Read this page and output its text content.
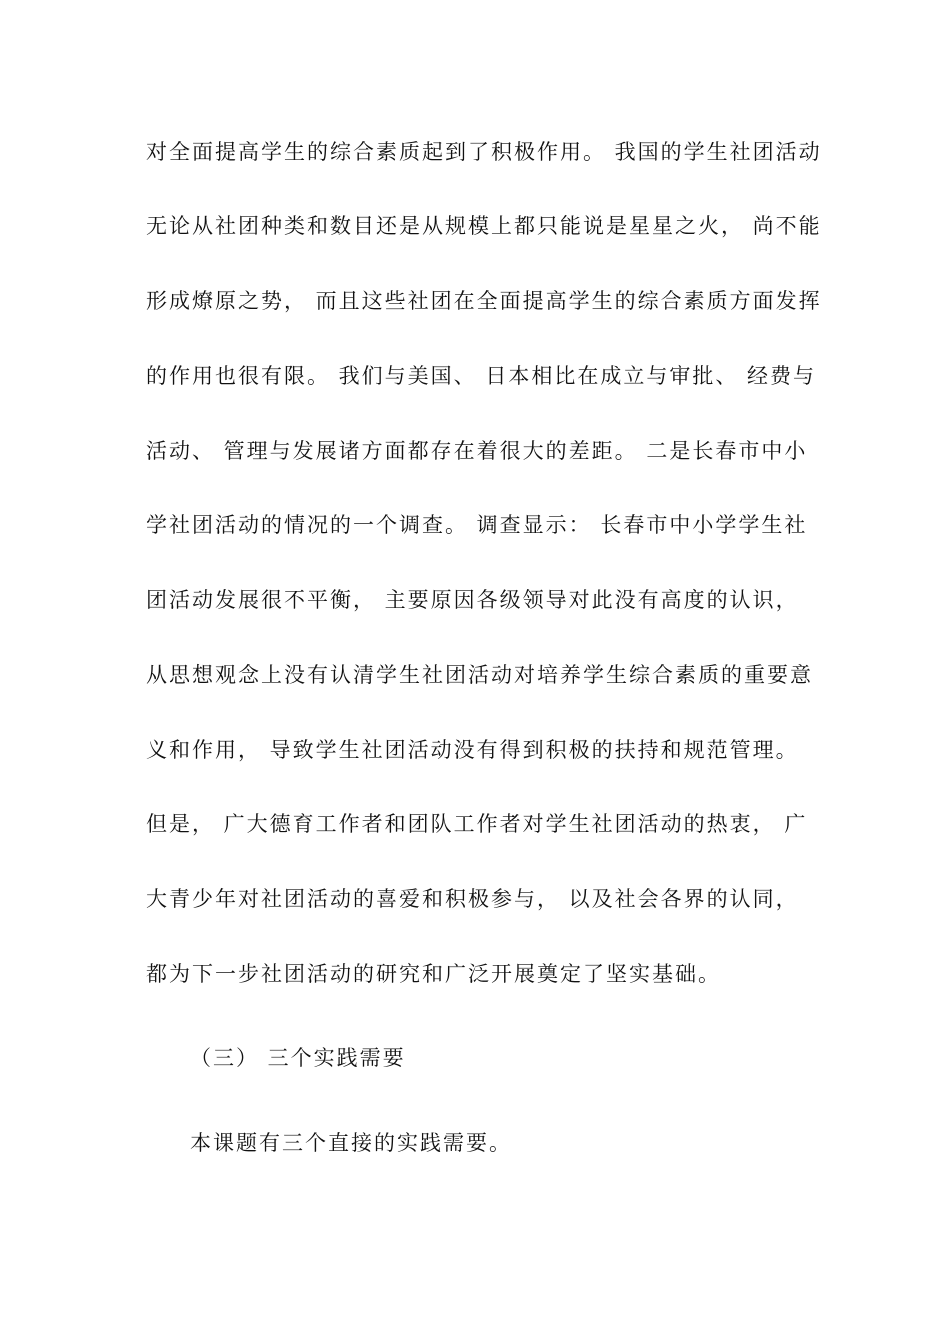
对全面提高学生的综合素质起到了积极作用。 我国的学生社团活动
无论从社团种类和数目还是从规模上都只能说是星星之火， 尚不能
形成燎原之势， 而且这些社团在全面提高学生的综合素质方面发挥
的作用也很有限。 我们与美国、 日本相比在成立与审批、 经费与
活动、 管理与发展诸方面都存在着很大的差距。 二是长春市中小
学社团活动的情况的一个调查。 调查显示： 长春市中小学学生社
团活动发展很不平衡， 主要原因各级领导对此没有高度的认识，
从思想观念上没有认清学生社团活动对培养学生综合素质的重要意
义和作用， 导致学生社团活动没有得到积极的扶持和规范管理。
但是， 广大德育工作者和团队工作者对学生社团活动的热衷， 广
大青少年对社团活动的喜爱和积极参与， 以及社会各界的认同，
都为下一步社团活动的研究和广泛开展奠定了坚实基础。
（三） 三个实践需要
本课题有三个直接的实践需要。
